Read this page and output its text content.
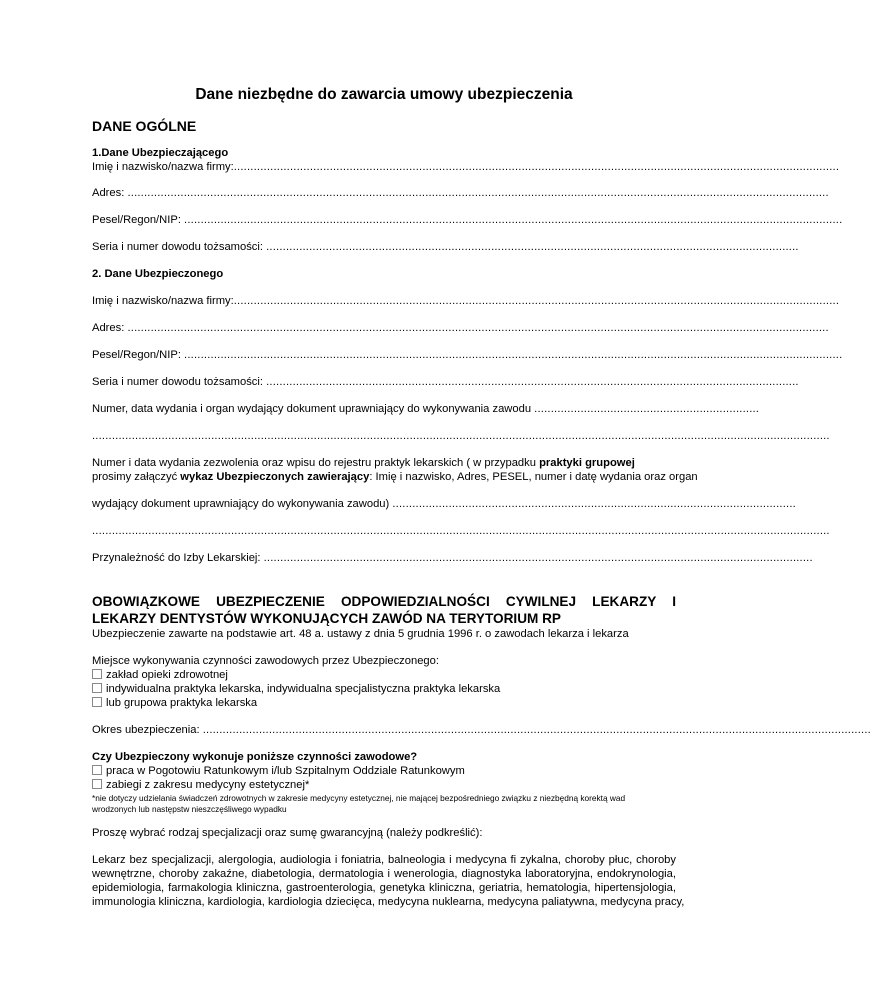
Dane niezbędne do zawarcia umowy ubezpieczenia
DANE OGÓLNE
1.Dane Ubezpieczającego
Imię i nazwisko/nazwa firmy:.......................................................................................................................................................................................
Adres: ....................................................................................................................................................................................................................
Pesel/Regon/NIP: .......................................................................................................................................................................................................
Seria i numer dowodu tożsamości: .................................................................................................................................................................
2. Dane Ubezpieczonego
Imię i nazwisko/nazwa firmy:.......................................................................................................................................................................................
Adres: ....................................................................................................................................................................................................................
Pesel/Regon/NIP: .......................................................................................................................................................................................................
Seria i numer dowodu tożsamości: .................................................................................................................................................................
Numer, data wydania i organ wydający dokument uprawniający do wykonywania zawodu ....................................................................
...............................................................................................................................................................................................................................
Numer i data wydania zezwolenia oraz wpisu do rejestru praktyk lekarskich ( w przypadku praktyki grupowej
prosimy załączyć wykaz Ubezpieczonych zawierający: Imię i nazwisko, Adres, PESEL, numer i datę wydania oraz organ
wydający dokument uprawniający do wykonywania zawodu) ..........................................................................................................................
...............................................................................................................................................................................................................................
Przynależność do Izby Lekarskiej: ......................................................................................................................................................................
OBOWIĄZKOWE UBEZPIECZENIE ODPOWIEDZIALNOŚCI CYWILNEJ LEKARZY I LEKARZY DENTYSTÓW WYKONUJĄCYCH ZAWÓD NA TERYTORIUM RP
Ubezpieczenie zawarte na podstawie art. 48 a. ustawy z dnia 5 grudnia 1996 r. o zawodach lekarza i lekarza
Miejsce wykonywania czynności zawodowych przez Ubezpieczonego:
zakład opieki zdrowotnej
indywidualna praktyka lekarska, indywidualna specjalistyczna praktyka lekarska
lub grupowa praktyka lekarska
Okres ubezpieczenia: ..........................................................................................................................................................................................................
Czy Ubezpieczony wykonuje poniższe czynności zawodowe?
praca w Pogotowiu Ratunkowym i/lub Szpitalnym Oddziale Ratunkowym
zabiegi z zakresu medycyny estetycznej*
*nie dotyczy udzielania świadczeń zdrowotnych w zakresie medycyny estetycznej, nie mającej bezpośredniego związku z niezbędną korektą wad
wrodzonych lub następstw nieszczęśliwego wypadku
Proszę wybrać rodzaj specjalizacji oraz sumę gwarancyjną (należy podkreślić):
Lekarz bez specjalizacji, alergologia, audiologia i foniatria, balneologia i medycyna fi zykalna, choroby płuc, choroby
wewnętrzne, choroby zakaźne, diabetologia, dermatologia i wenerologia, diagnostyka laboratoryjna, endokrynologia,
epidemiologia, farmakologia kliniczna, gastroenterologia, genetyka kliniczna, geriatria, hematologia, hipertensjologia,
immunologia kliniczna, kardiologia, kardiologia dziecięca, medycyna nuklearna, medycyna paliatywna, medycyna pracy,
